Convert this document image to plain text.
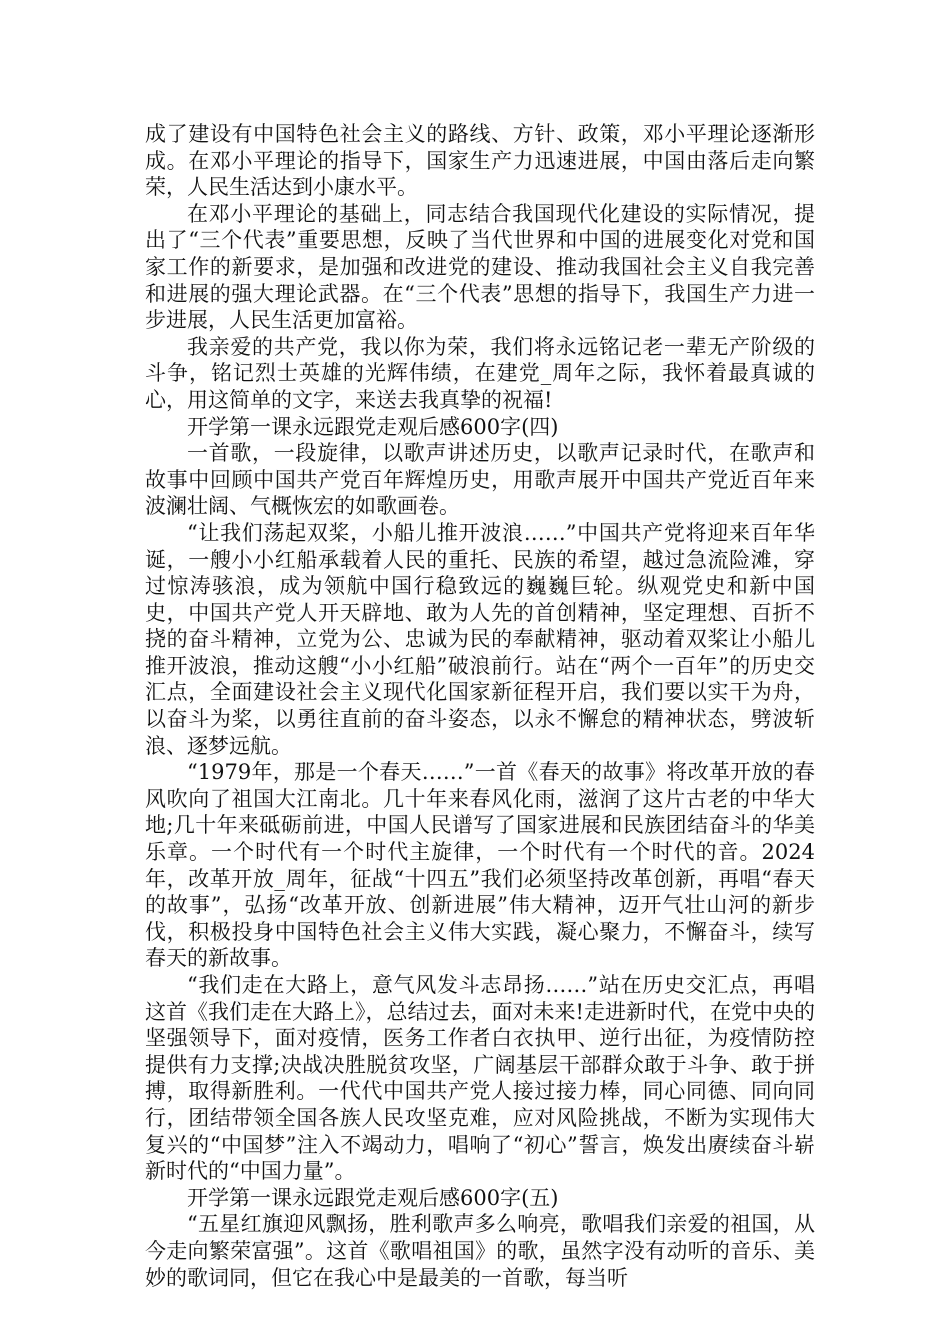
成了建设有中国特色社会主义的路线、方针、政策，邓小平理论逐渐形成。在邓小平理论的指导下，国家生产力迅速进展，中国由落后走向繁荣，人民生活达到小康水平。

在邓小平理论的基础上，同志结合我国现代化建设的实际情况，提出了“三个代表”重要思想，反映了当代世界和中国的进展变化对党和国家工作的新要求，是加强和改进党的建设、推动我国社会主义自我完善和进展的强大理论武器。在“三个代表”思想的指导下，我国生产力进一步进展，人民生活更加富裕。

我亲爱的共产党，我以你为荣，我们将永远铭记老一辈无产阶级的斗争，铭记烈士英雄的光辉伟绩，在建党_周年之际，我怀着最真诚的心，用这简单的文字，来送去我真挚的祝福!

开学第一课永远跟党走观后感600字(四)

一首歌，一段旋律，以歌声讲述历史，以歌声记录时代，在歌声和故事中回顾中国共产党百年辉煌历史，用歌声展开中国共产党近百年来波澜壮阔、气概恢宏的如歌画卷。

“让我们荡起双桨，小船儿推开波浪……”中国共产党将迎来百年华诞，一艘小小红船承载着人民的重托、民族的希望，越过急流险滩，穿过惊涛骇浪，成为领航中国行稳致远的巍巍巨轮。纵观党史和新中国史，中国共产党人开天辟地、敢为人先的首创精神，坚定理想、百折不挠的奋斗精神，立党为公、忠诚为民的奉献精神，驱动着双桨让小船儿推开波浪，推动这艘“小小红船”破浪前行。站在“两个一百年”的历史交汇点，全面建设社会主义现代化国家新征程开启，我们要以实干为舟，以奋斗为桨，以勇往直前的奋斗姿态，以永不懈怠的精神状态，劈波斩浪、逐梦远航。

“1979年，那是一个春天……”一首《春天的故事》将改革开放的春风吹向了祖国大江南北。几十年来春风化雨，滋润了这片古老的中华大地;几十年来砥砺前进，中国人民谱写了国家进展和民族团结奋斗的华美乐章。一个时代有一个时代主旋律，一个时代有一个时代的音。2024年，改革开放_周年，征战“十四五”我们必须坚持改革创新，再唱“春天的故事”，弘扬“改革开放、创新进展”伟大精神，迈开气壮山河的新步伐，积极投身中国特色社会主义伟大实践，凝心聚力，不懈奋斗，续写春天的新故事。

“我们走在大路上，意气风发斗志昂扬……”站在历史交汇点，再唱这首《我们走在大路上》，总结过去，面对未来!走进新时代，在党中央的坚强领导下，面对疫情，医务工作者白衣执甲、逆行出征，为疫情防控提供有力支撑;决战决胜脱贫攻坚，广阔基层干部群众敢于斗争、敢于拼搏，取得新胜利。一代代中国共产党人接过接力棒，同心同德、同向同行，团结带领全国各族人民攻坚克难，应对风险挑战，不断为实现伟大复兴的“中国梦”注入不竭动力，唱响了“初心”誓言，焕发出赓续奋斗崭新时代的“中国力量”。

开学第一课永远跟党走观后感600字(五)

“五星红旗迎风飘扬，胜利歌声多么响亮，歌唱我们亲爱的祖国，从今走向繁荣富强”。这首《歌唱祖国》的歌，虽然字没有动听的音乐、美妙的歌词同，但它在我心中是最美的一首歌，每当听
